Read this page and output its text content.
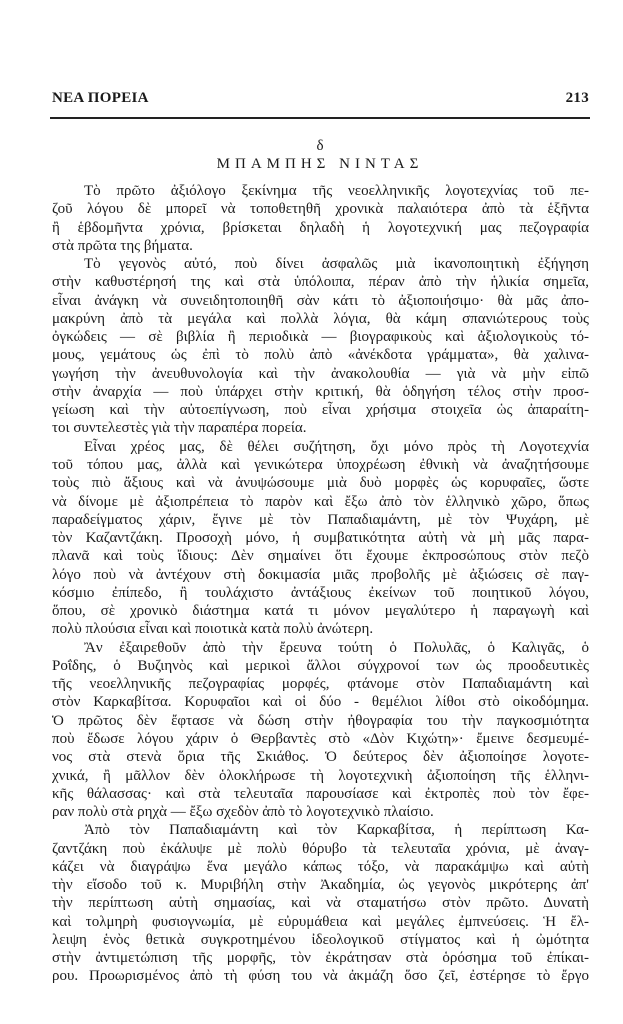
ΝΕΑ ΠΟΡΕΙΑ	213
δ
ΜΠΑΜΠΗΣ ΝΙΝΤΑΣ
Τὸ πρῶτο ἀξιόλογο ξεκίνημα τῆς νεοελληνικῆς λογοτεχνίας τοῦ πε-
ζοῦ λόγου δὲ μπορεῖ νὰ τοποθετηθῆ χρονικὰ παλαιότερα ἀπὸ τὰ ἑξῆντα
ἢ ἑβδομῆντα χρόνια, βρίσκεται δηλαδὴ ἡ λογοτεχνική μας πεζογραφία
στὰ πρῶτα της βήματα.
Τὸ γεγονὸς αὐτό, ποὺ δίνει ἀσφαλῶς μιὰ ἱκανοποιητικὴ ἐξήγηση
στὴν καθυστέρησή της καὶ στὰ ὑπόλοιπα, πέραν ἀπὸ τὴν ἡλικία σημεῖα,
εἶναι ἀνάγκη νὰ συνειδητοποιηθῆ σὰν κάτι τὸ ἀξιοποιήσιμο· θὰ μᾶς ἀπο-
μακρύνη ἀπὸ τὰ μεγάλα καὶ πολλὰ λόγια, θὰ κάμη σπανιώτερους τοὺς
ὀγκώδεις — σὲ βιβλία ἢ περιοδικὰ — βιογραφικοὺς καὶ ἀξιολογικοὺς τό-
μους, γεμάτους ὡς ἐπὶ τὸ πολὺ ἀπὸ «ἀνέκδοτα γράμματα», θὰ χαλινα-
γωγήση τὴν ἀνευθυνολογία καὶ τὴν ἀνακολουθία — γιὰ νὰ μὴν εἰπῶ
στὴν ἀναρχία — ποὺ ὑπάρχει στὴν κριτική, θὰ ὁδηγήση τέλος στὴν προσ-
γείωση καὶ τὴν αὐτοεπίγνωση, ποὺ εἶναι χρήσιμα στοιχεῖα ὡς ἀπαραίτη-
τοι συντελεστὲς γιὰ τὴν παραπέρα πορεία.
Εἶναι χρέος μας, δὲ θέλει συζήτηση, ὄχι μόνο πρὸς τὴ Λογοτεχνία
τοῦ τόπου μας, ἀλλὰ καὶ γενικώτερα ὑποχρέωση ἐθνικὴ νὰ ἀναζητήσουμε
τοὺς πιὸ ἄξιους καὶ νὰ ἀνυψώσουμε μιὰ δυὸ μορφὲς ὡς κορυφαῖες, ὥστε
νὰ δίνομε μὲ ἀξιοπρέπεια τὸ παρὸν καὶ ἔξω ἀπὸ τὸν ἑλληνικὸ χῶρο, ὅπως
παραδείγματος χάριν, ἔγινε μὲ τὸν Παπαδιαμάντη, μὲ τὸν Ψυχάρη, μὲ
τὸν Καζαντζάκη. Προσοχὴ μόνο, ἡ συμβατικότητα αὐτὴ νὰ μὴ μᾶς παρα-
πλανᾶ καὶ τοὺς ἴδιους: Δὲν σημαίνει ὅτι ἔχουμε ἐκπροσώπους στὸν πεζὸ
λόγο ποὺ νὰ ἀντέχουν στὴ δοκιμασία μιᾶς προβολῆς μὲ ἀξιώσεις σὲ παγ-
κόσμιο ἐπίπεδο, ἢ τουλάχιστο ἀντάξιους ἐκείνων τοῦ ποιητικοῦ λόγου,
ὅπου, σὲ χρονικὸ διάστημα κατά τι μόνον μεγαλύτερο ἡ παραγωγὴ καὶ
πολὺ πλούσια εἶναι καὶ ποιοτικὰ κατὰ πολὺ ἀνώτερη.
Ἂν ἐξαιρεθοῦν ἀπὸ τὴν ἔρευνα τούτη ὁ Πολυλᾶς, ὁ Καλιγᾶς, ὁ
Ροΐδης, ὁ Βυζιηνὸς καὶ μερικοὶ ἄλλοι σύγχρονοί των ὡς προοδευτικὲς
τῆς νεοελληνικῆς πεζογραφίας μορφές, φτάνομε στὸν Παπαδιαμάντη καὶ
στὸν Καρκαβίτσα. Κορυφαῖοι καὶ οἱ δύο - θεμέλιοι λίθοι στὸ οἰκοδόμημα.
Ὁ πρῶτος δὲν ἔφτασε νὰ δώση στὴν ἠθογραφία του τὴν παγκοσμιότητα
ποὺ ἔδωσε λόγου χάριν ὁ Θερβαντὲς στὸ «Δὸν Κιχώτη»· ἔμεινε δεσμευμέ-
νος στὰ στενὰ ὅρια τῆς Σκιάθος. Ὁ δεύτερος δὲν ἀξιοποίησε λογοτε-
χνικά, ἢ μᾶλλον δὲν ὁλοκλήρωσε τὴ λογοτεχνικὴ ἀξιοποίηση τῆς ἑλληνι-
κῆς θάλασσας· καὶ στὰ τελευταῖα παρουσίασε καὶ ἐκτροπὲς ποὺ τὸν ἔφε-
ραν πολὺ στὰ ρηχὰ — ἔξω σχεδὸν ἀπὸ τὸ λογοτεχνικὸ πλαίσιο.
Ἀπὸ τὸν Παπαδιαμάντη καὶ τὸν Καρκαβίτσα, ἡ περίπτωση Κα-
ζαντζάκη ποὺ ἐκάλυψε μὲ πολὺ θόρυβο τὰ τελευταῖα χρόνια, μὲ ἀναγ-
κάζει νὰ διαγράψω ἕνα μεγάλο κάπως τόξο, νὰ παρακάμψω καὶ αὐτὴ
τὴν εἴσοδο τοῦ κ. Μυριβήλη στὴν Ἀκαδημία, ὡς γεγονὸς μικρότερης ἀπ'
τὴν περίπτωση αὐτὴ σημασίας, καὶ νὰ σταματήσω στὸν πρῶτο. Δυνατὴ
καὶ τολμηρὴ φυσιογνωμία, μὲ εὐρυμάθεια καὶ μεγάλες ἐμπνεύσεις. Ἡ ἔλ-
λειψη ἑνὸς θετικὰ συγκροτημένου ἰδεολογικοῦ στίγματος καὶ ἡ ὠμότητα
στὴν ἀντιμετώπιση τῆς μορφῆς, τὸν ἐκράτησαν στὰ ὁρόσημα τοῦ ἐπίκαι-
ρου. Προωρισμένος ἀπὸ τὴ φύση του νὰ ἀκμάζη ὅσο ζεῖ, ἐστέρησε τὸ ἔργο
